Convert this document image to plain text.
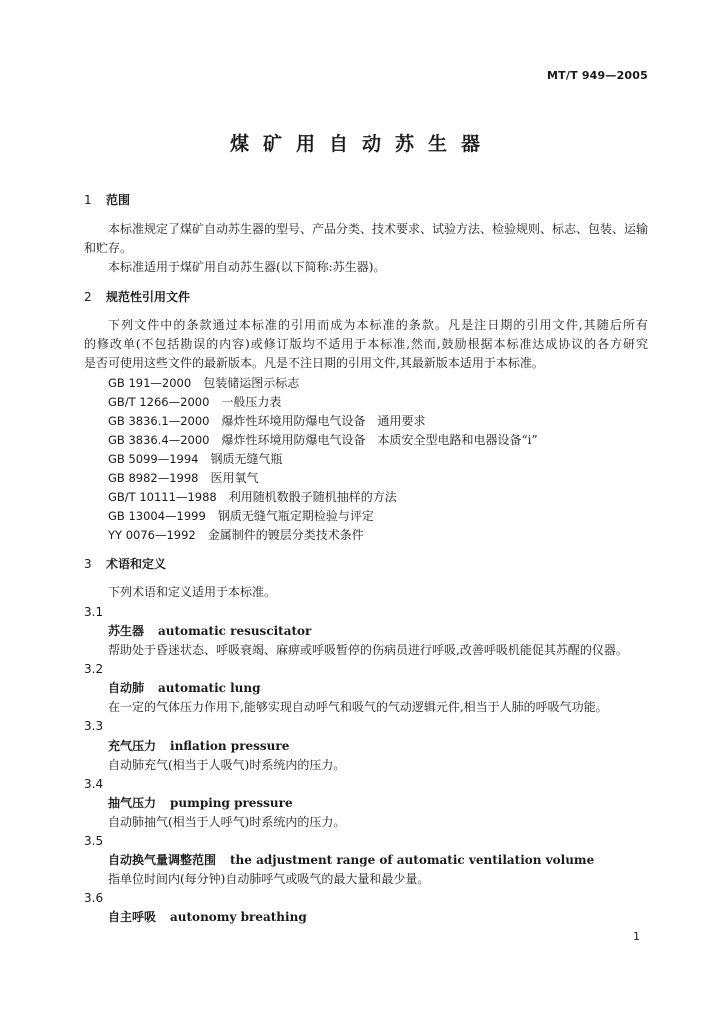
MT/T 949—2005
煤矿用自动苏生器
1 范围
本标准规定了煤矿自动苏生器的型号、产品分类、技术要求、试验方法、检验规则、标志、包装、运输
和贮存。
本标准适用于煤矿用自动苏生器(以下简称:苏生器)。
2 规范性引用文件
下列文件中的条款通过本标准的引用而成为本标准的条款。凡是注日期的引用文件,其随后所有
的修改单(不包括勘误的内容)或修订版均不适用于本标准,然而,鼓励根据本标准达成协议的各方研究
是否可使用这些文件的最新版本。凡是不注日期的引用文件,其最新版本适用于本标准。
GB 191—2000 包装储运图示标志
GB/T 1266—2000 一般压力表
GB 3836.1—2000 爆炸性环境用防爆电气设备　通用要求
GB 3836.4—2000 爆炸性环境用防爆电气设备　本质安全型电路和电器设备“i”
GB 5099—1994 钢质无缝气瓶
GB 8982—1998 医用氧气
GB/T 10111—1988 利用随机数骰子随机抽样的方法
GB 13004—1999 钢质无缝气瓶定期检验与评定
YY 0076—1992 金属制件的镀层分类技术条件
3 术语和定义
下列术语和定义适用于本标准。
3.1
苏生器 automatic resuscitator
帮助处于昏迷状态、呼吸衰竭、麻痹或呼吸暂停的伤病员进行呼吸,改善呼吸机能促其苏醒的仪器。
3.2
自动肺 automatic lung
在一定的气体压力作用下,能够实现自动呼气和吸气的气动逻辑元件,相当于人肺的呼吸气功能。
3.3
充气压力 inflation pressure
自动肺充气(相当于人吸气)时系统内的压力。
3.4
抽气压力 pumping pressure
自动肺抽气(相当于人呼气)时系统内的压力。
3.5
自动换气量调整范围 the adjustment range of automatic ventilation volume
指单位时间内(每分钟)自动肺呼气或吸气的最大量和最少量。
3.6
自主呼吸 autonomy breathing
1
